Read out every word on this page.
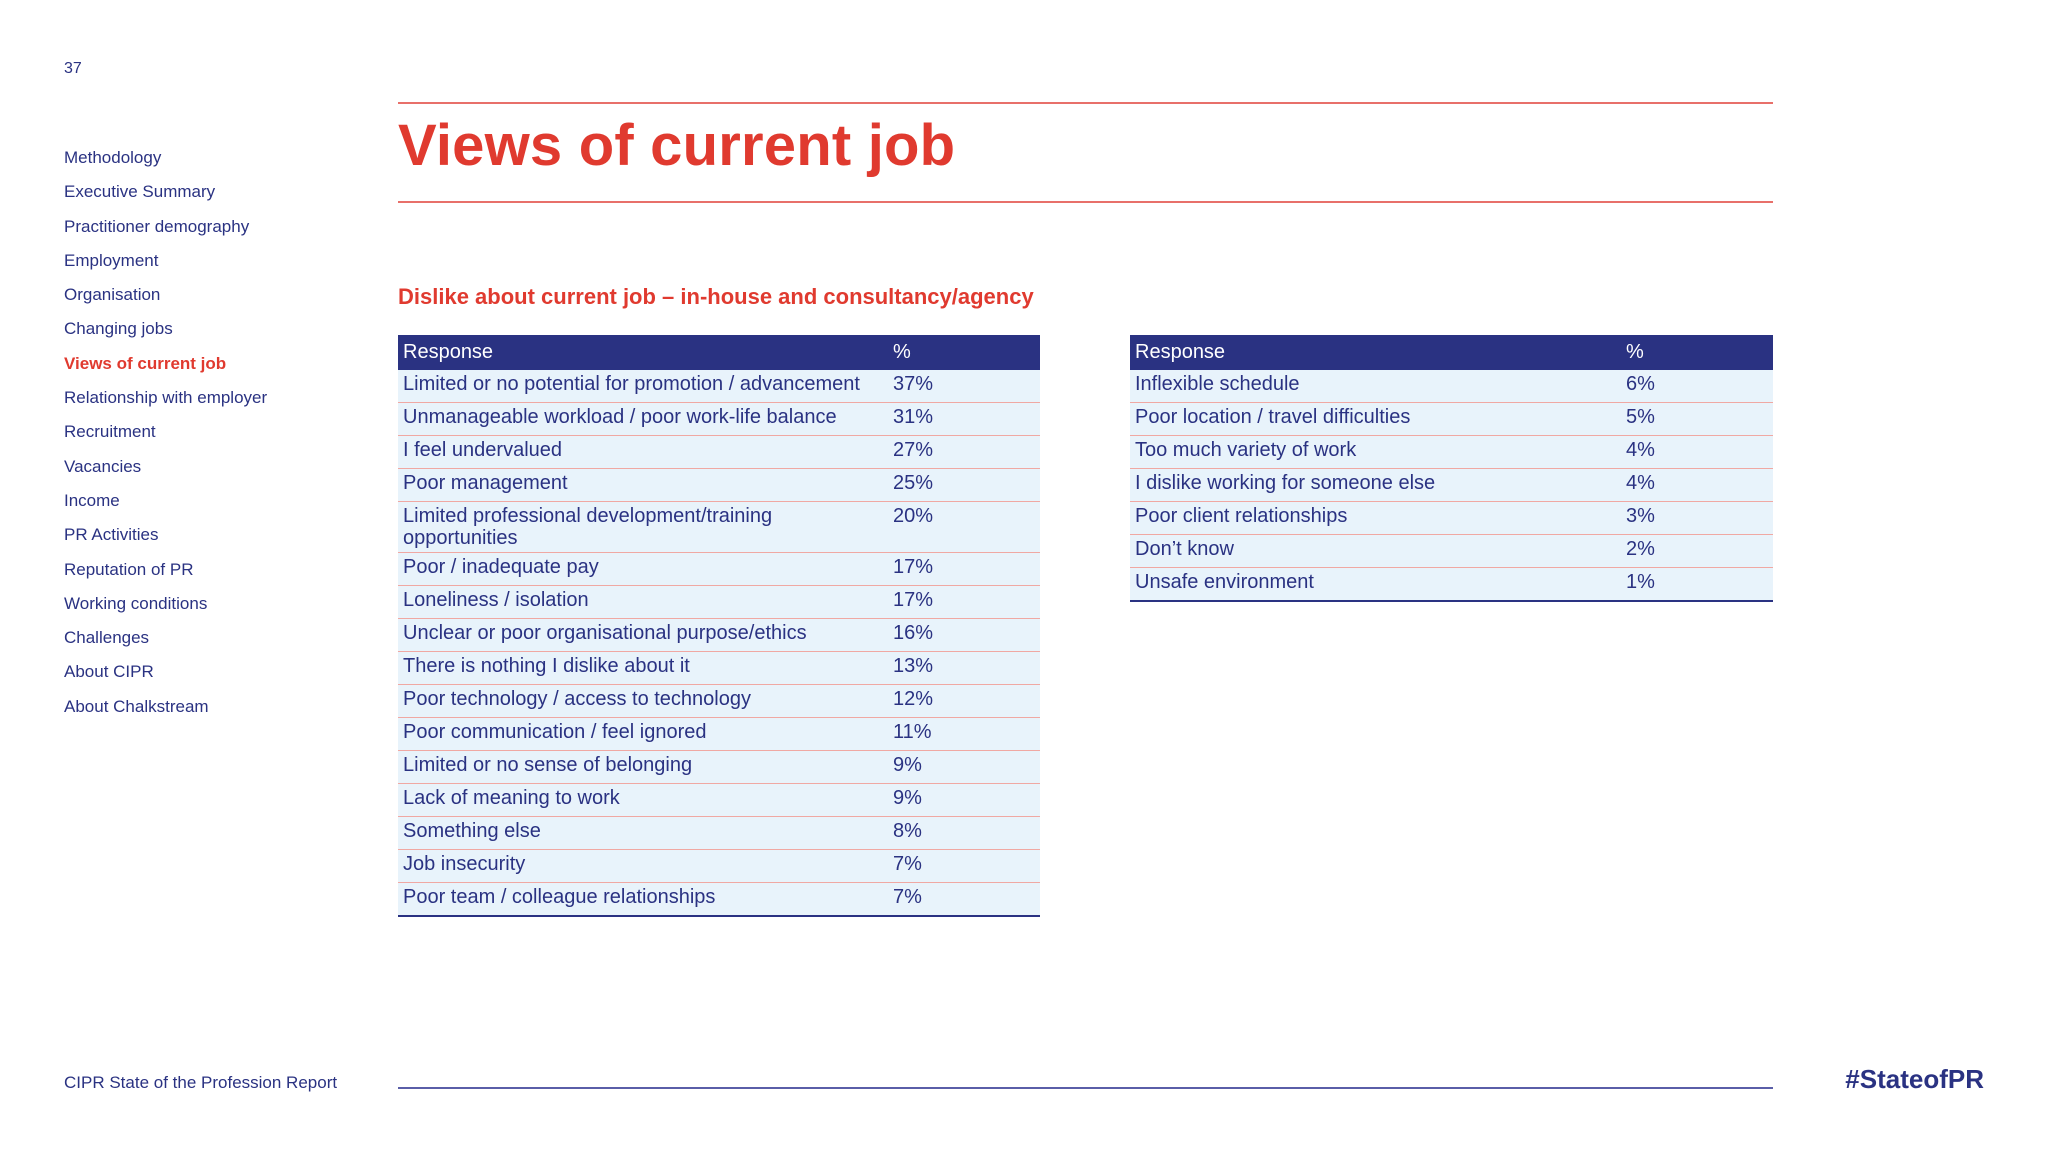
37
Methodology
Executive Summary
Practitioner demography
Employment
Organisation
Changing jobs
Views of current job
Relationship with employer
Recruitment
Vacancies
Income
PR Activities
Reputation of PR
Working conditions
Challenges
About CIPR
About Chalkstream
Views of current job
Dislike about current job – in-house and consultancy/agency
Response	%
Limited or no potential for promotion / advancement	37%
Unmanageable workload / poor work-life balance	31%
I feel undervalued	27%
Poor management	25%
Limited professional development/training opportunities	20%
Poor / inadequate pay	17%
Loneliness / isolation	17%
Unclear or poor organisational purpose/ethics	16%
There is nothing I dislike about it	13%
Poor technology / access to technology	12%
Poor communication / feel ignored	11%
Limited or no sense of belonging	9%
Lack of meaning to work	9%
Something else	8%
Job insecurity	7%
Poor team / colleague relationships	7%
Response	%
Inflexible schedule	6%
Poor location / travel difficulties	5%
Too much variety of work	4%
I dislike working for someone else	4%
Poor client relationships	3%
Don’t know	2%
Unsafe environment	1%
CIPR State of the Profession Report	#StateofPR
